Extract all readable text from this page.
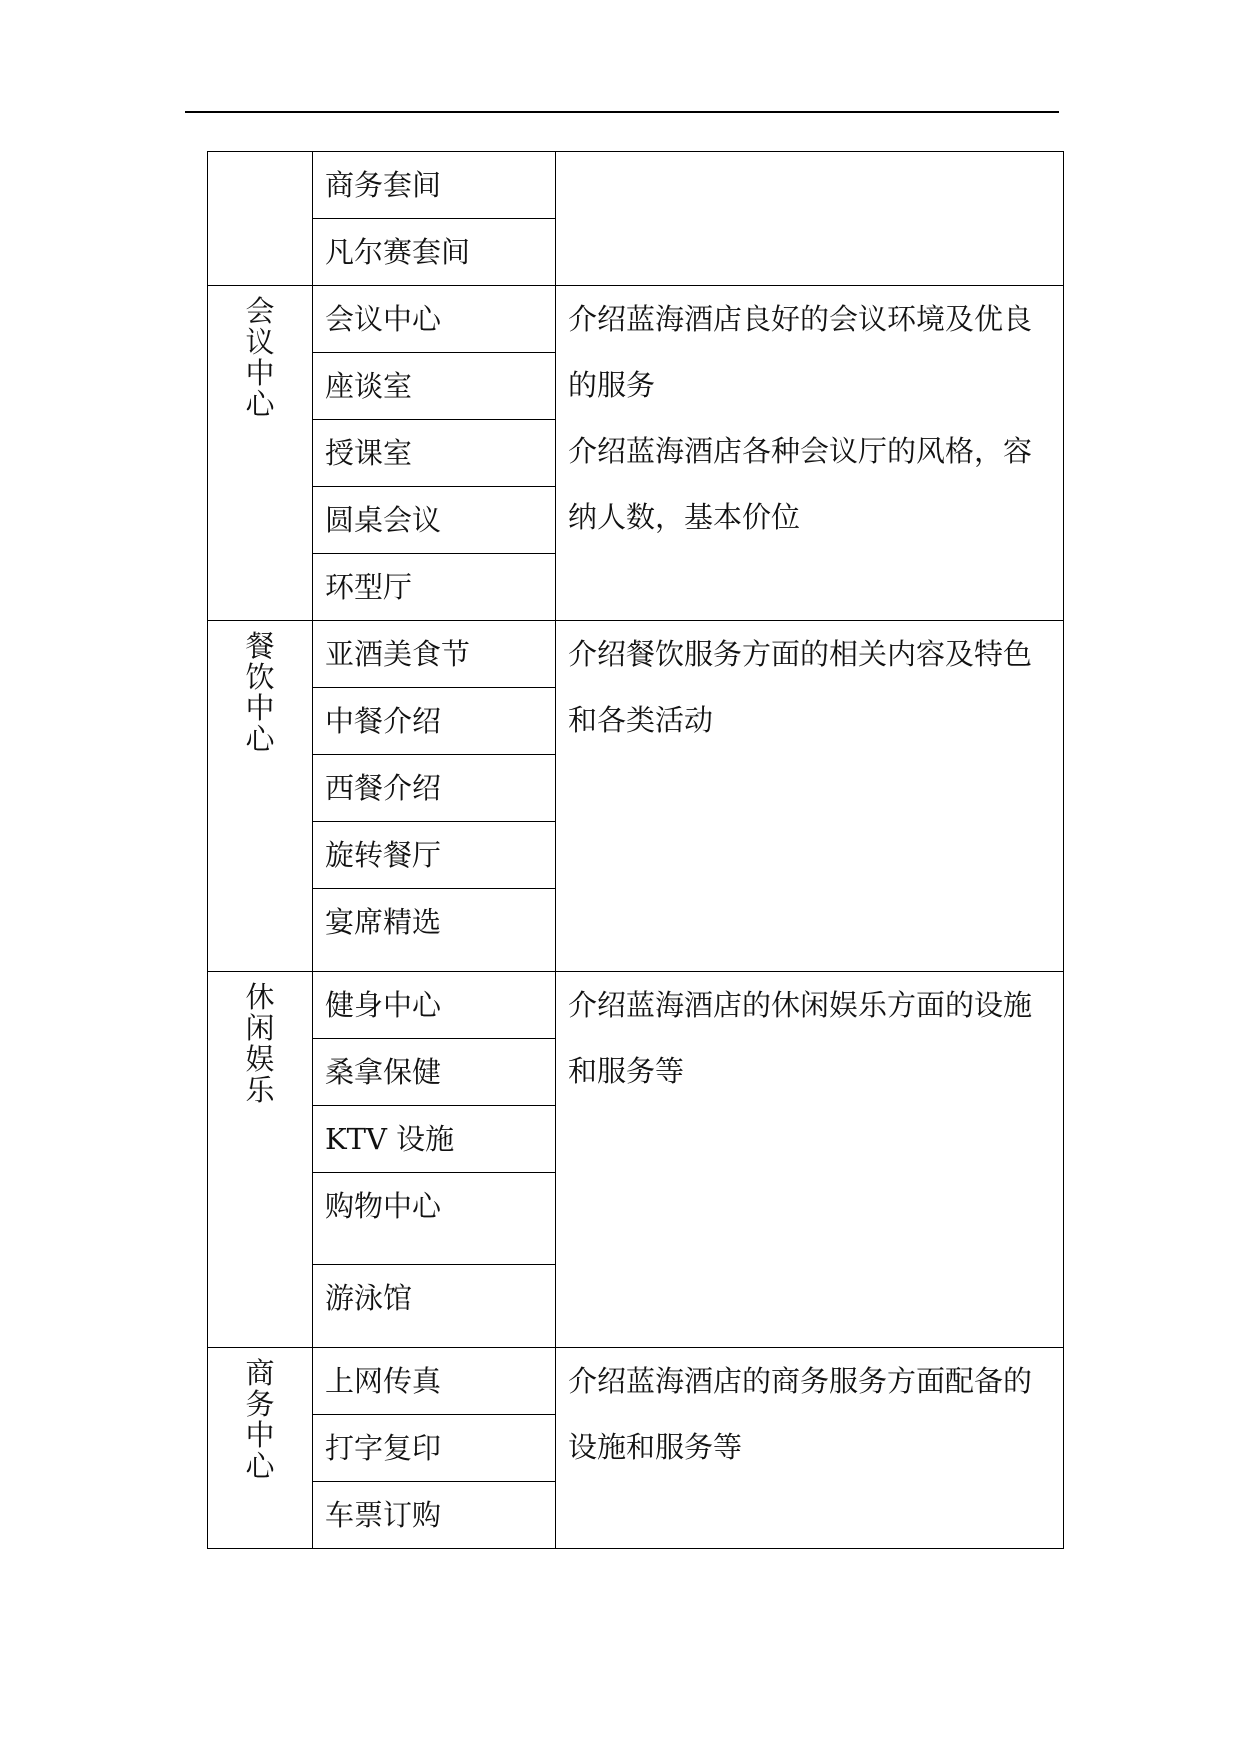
	商务套间	
	凡尔赛套间	
会议中心	会议中心	介绍蓝海酒店良好的会议环境及优良的服务

介绍蓝海酒店各种会议厅的风格，容纳人数，基本价位

	座谈室	
	授课室	
	圆桌会议	
	环型厅	
餐饮中心	亚酒美食节	介绍餐饮服务方面的相关内容及特色和各类活动

	中餐介绍	
	西餐介绍	
	旋转餐厅	
	宴席精选	
休闲娱乐	健身中心	介绍蓝海酒店的休闲娱乐方面的设施和服务等

	桑拿保健	
	KTV 设施	
	购物中心	
	游泳馆	
商务中心	上网传真	介绍蓝海酒店的商务服务方面配备的设施和服务等

	打字复印	
	车票订购	
